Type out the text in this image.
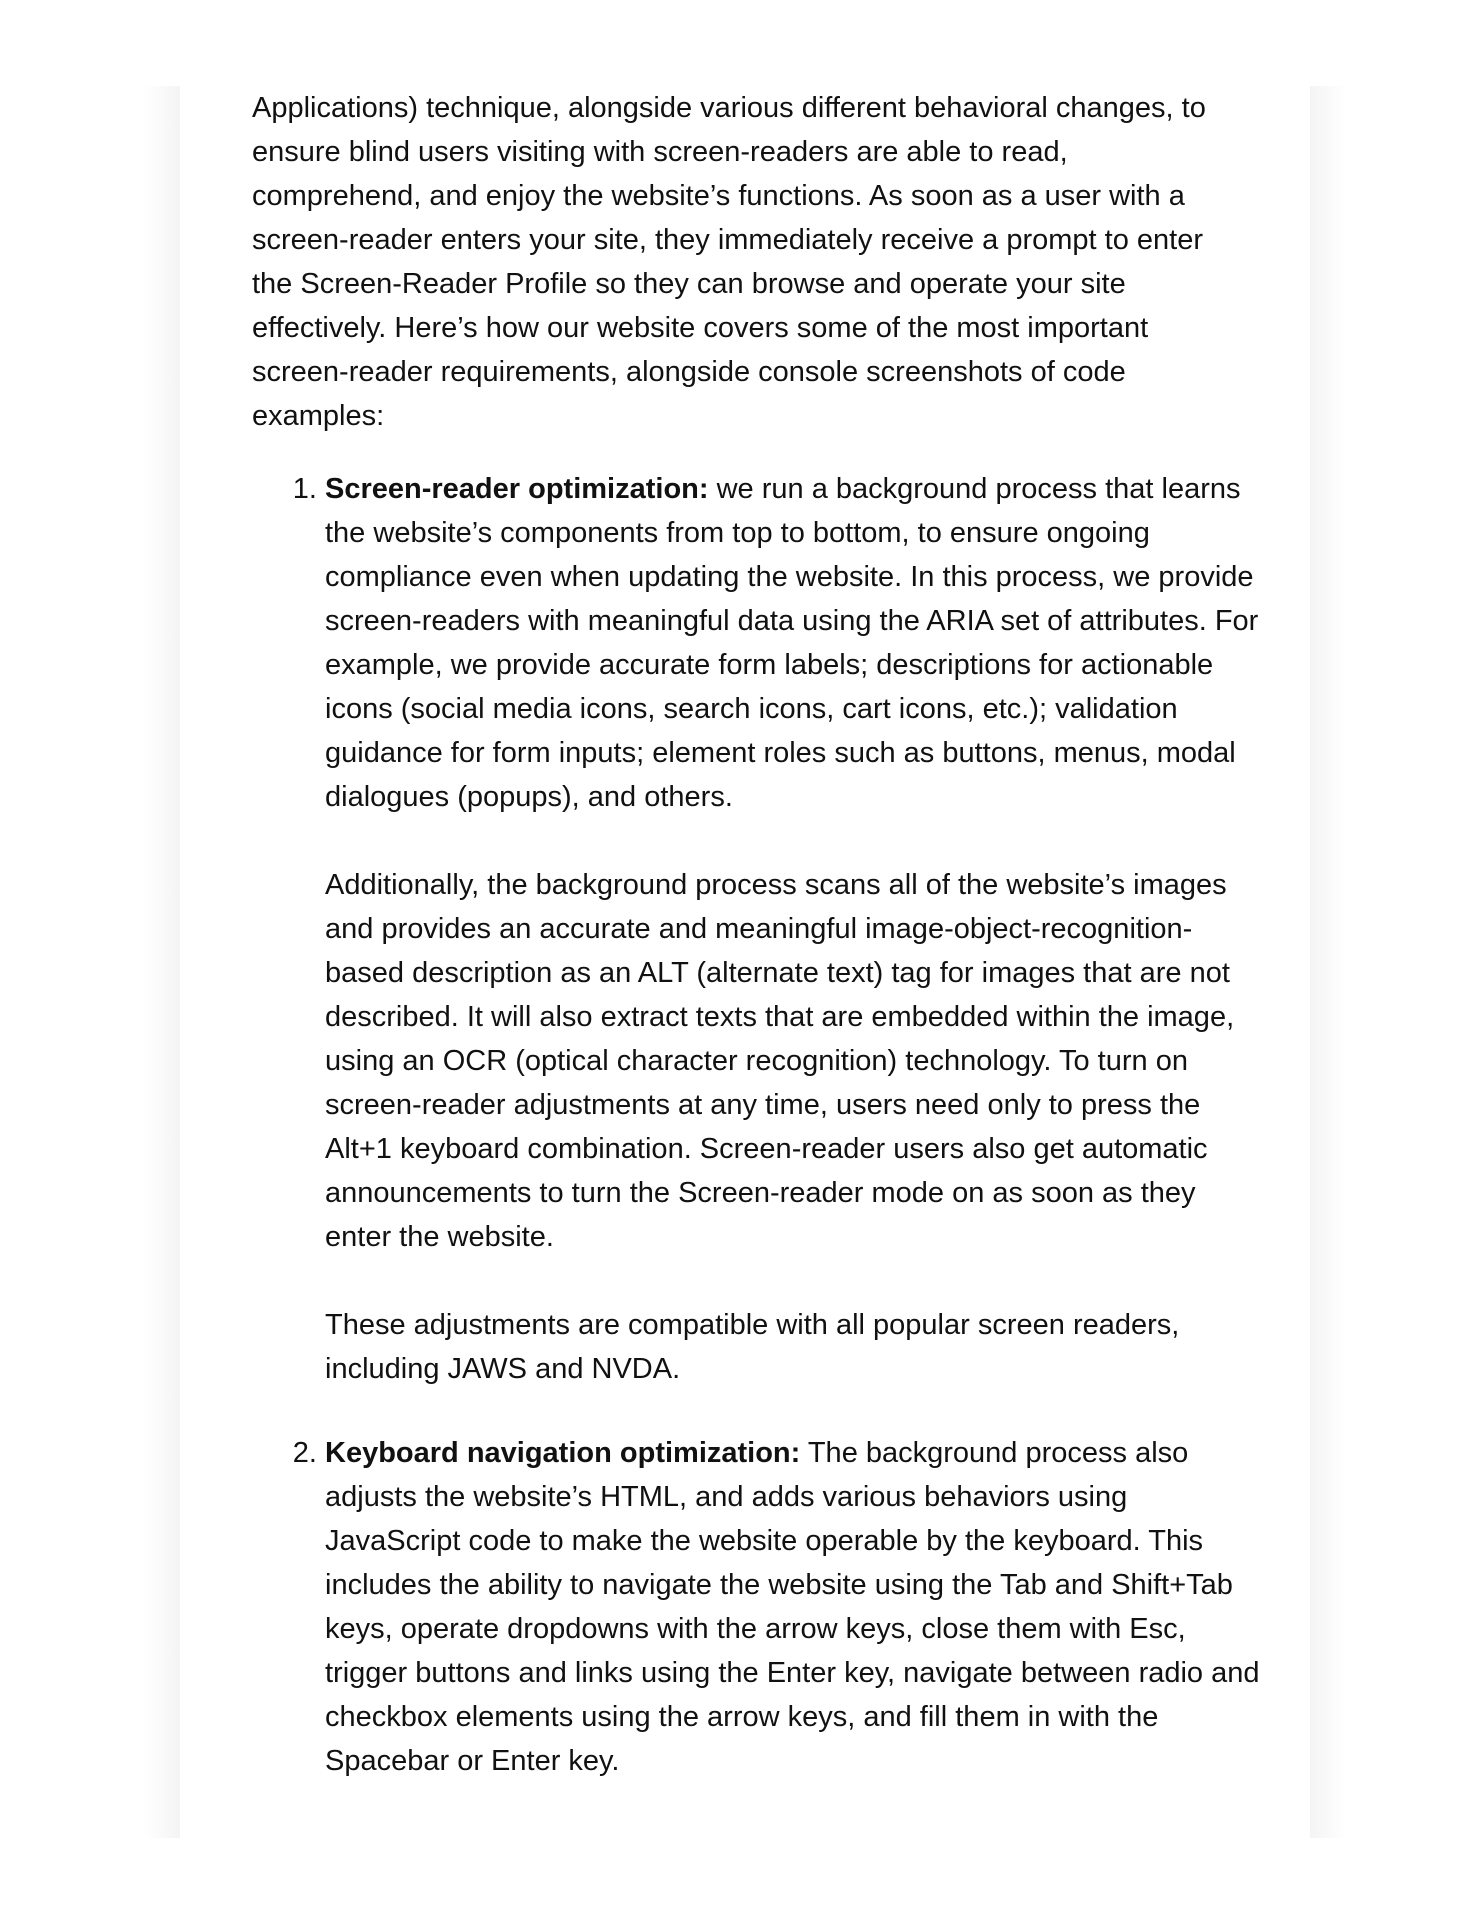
Applications) technique, alongside various different behavioral changes, to ensure blind users visiting with screen-readers are able to read, comprehend, and enjoy the website’s functions. As soon as a user with a screen-reader enters your site, they immediately receive a prompt to enter the Screen-Reader Profile so they can browse and operate your site effectively. Here’s how our website covers some of the most important screen-reader requirements, alongside console screenshots of code examples:

1. Screen-reader optimization: we run a background process that learns the website’s components from top to bottom, to ensure ongoing compliance even when updating the website. In this process, we provide screen-readers with meaningful data using the ARIA set of attributes. For example, we provide accurate form labels; descriptions for actionable icons (social media icons, search icons, cart icons, etc.); validation guidance for form inputs; element roles such as buttons, menus, modal dialogues (popups), and others.

Additionally, the background process scans all of the website’s images and provides an accurate and meaningful image-object-recognition-based description as an ALT (alternate text) tag for images that are not described. It will also extract texts that are embedded within the image, using an OCR (optical character recognition) technology. To turn on screen-reader adjustments at any time, users need only to press the Alt+1 keyboard combination. Screen-reader users also get automatic announcements to turn the Screen-reader mode on as soon as they enter the website.

These adjustments are compatible with all popular screen readers, including JAWS and NVDA.

2. Keyboard navigation optimization: The background process also adjusts the website’s HTML, and adds various behaviors using JavaScript code to make the website operable by the keyboard. This includes the ability to navigate the website using the Tab and Shift+Tab keys, operate dropdowns with the arrow keys, close them with Esc, trigger buttons and links using the Enter key, navigate between radio and checkbox elements using the arrow keys, and fill them in with the Spacebar or Enter key.
